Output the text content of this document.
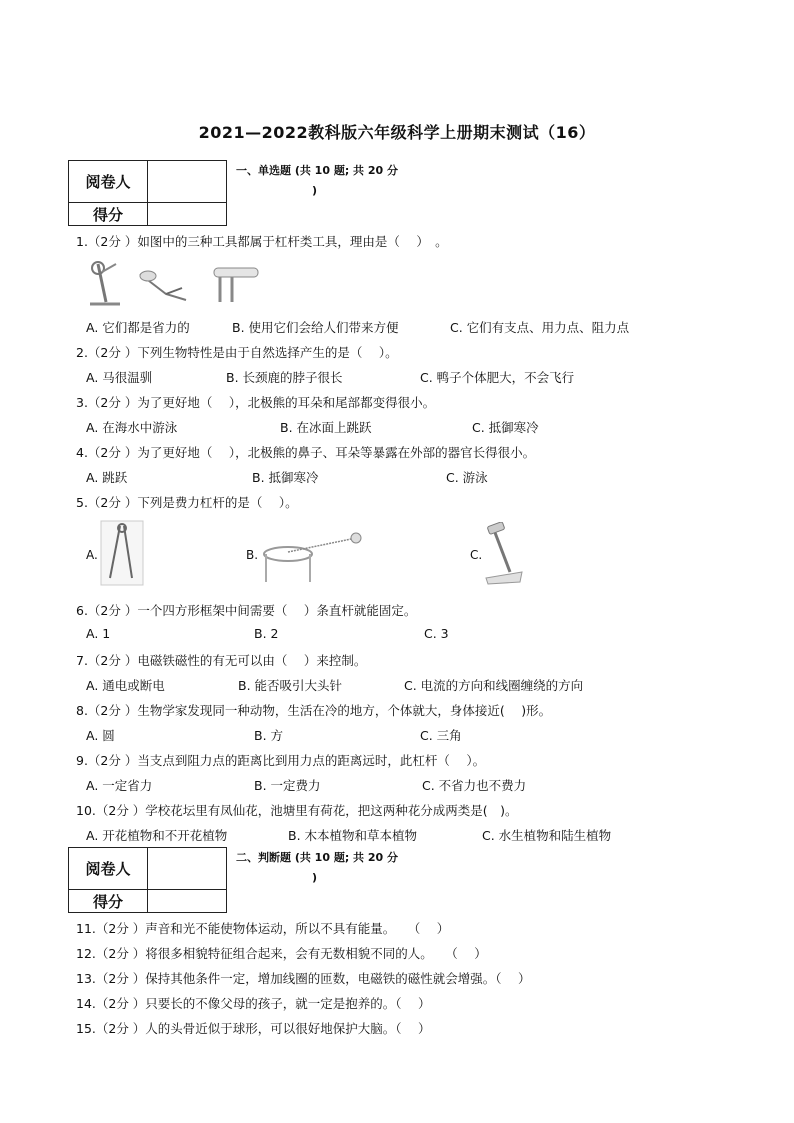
2021—2022教科版六年级科学上册期末测试（16）
阅卷人	
得分	
一、单选题 (共 10 题; 共 20 分
)
1.（2分 ）如图中的三种工具都属于杠杆类工具，理由是（　 ）　。
A. 它们都是省力的	B. 使用它们会给人们带来方便	C. 它们有支点、用力点、阻力点
2.（2分 ）下列生物特性是由于自然选择产生的是（　 ）。
A. 马很温驯	B. 长颈鹿的脖子很长	C. 鸭子个体肥大，不会飞行
3.（2分 ）为了更好地（　 ），北极熊的耳朵和尾部都变得很小。
A. 在海水中游泳	B. 在冰面上跳跃	C. 抵御寒冷
4.（2分 ）为了更好地（　 ），北极熊的鼻子、耳朵等暴露在外部的器官长得很小。
A. 跳跃	B. 抵御寒冷	C. 游泳
5.（2分 ）下列是费力杠杆的是（　 ）。
A.	B.	C.
6.（2分 ）一个四方形框架中间需要（　 ）条直杆就能固定。
A. 1	B. 2	C. 3
7.（2分 ）电磁铁磁性的有无可以由（　 ）来控制。
A. 通电或断电	B. 能否吸引大头针	C. 电流的方向和线圈缠绕的方向
8.（2分 ）生物学家发现同一种动物，生活在冷的地方，个体就大，身体接近(　 )形。
A. 圆	B. 方	C. 三角
9.（2分 ）当支点到阻力点的距离比到用力点的距离远时，此杠杆（　 ）。
A. 一定省力	B. 一定费力	C. 不省力也不费力
10.（2分 ）学校花坛里有凤仙花，池塘里有荷花，把这两种花分成两类是(　)。
A. 开花植物和不开花植物	B. 木本植物和草本植物	C. 水生植物和陆生植物
阅卷人	
得分	
二、判断题 (共 10 题; 共 20 分
)
11.（2分 ）声音和光不能使物体运动，所以不具有能量。　　（　 ）
12.（2分 ）将很多相貌特征组合起来，会有无数相貌不同的人。　　（　 ）
13.（2分 ）保持其他条件一定，增加线圈的匝数，电磁铁的磁性就会增强。（　 ）
14.（2分 ）只要长的不像父母的孩子，就一定是抱养的。（　 ）
15.（2分 ）人的头骨近似于球形，可以很好地保护大脑。（　 ）
